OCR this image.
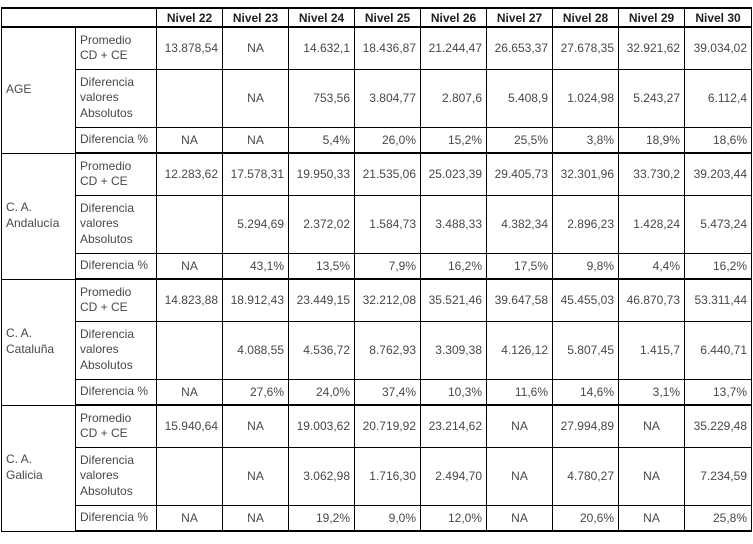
		Nivel 22	Nivel 23	Nivel 24	Nivel 25	Nivel 26	Nivel 27	Nivel 28	Nivel 29	Nivel 30
AGE	Promedio CD + CE	13.878,54	NA	14.632,1	18.436,87	21.244,47	26.653,37	27.678,35	32.921,62	39.034,02
	Diferencia valores Absolutos		NA	753,56	3.804,77	2.807,6	5.408,9	1.024,98	5.243,27	6.112,4
	Diferencia %	NA	NA	5,4%	26,0%	15,2%	25,5%	3,8%	18,9%	18,6%
C. A. Andalucía	Promedio CD + CE	12.283,62	17.578,31	19.950,33	21.535,06	25.023,39	29.405,73	32.301,96	33.730,2	39.203,44
	Diferencia valores Absolutos		5.294,69	2.372,02	1.584,73	3.488,33	4.382,34	2.896,23	1.428,24	5.473,24
	Diferencia %	NA	43,1%	13,5%	7,9%	16,2%	17,5%	9,8%	4,4%	16,2%
C. A. Cataluña	Promedio CD + CE	14.823,88	18.912,43	23.449,15	32.212,08	35.521,46	39.647,58	45.455,03	46.870,73	53.311,44
	Diferencia valores Absolutos		4.088,55	4.536,72	8.762,93	3.309,38	4.126,12	5.807,45	1.415,7	6.440,71
	Diferencia %	NA	27,6%	24,0%	37,4%	10,3%	11,6%	14,6%	3,1%	13,7%
C. A. Galicia	Promedio CD + CE	15.940,64	NA	19.003,62	20.719,92	23.214,62	NA	27.994,89	NA	35.229,48
	Diferencia valores Absolutos		NA	3.062,98	1.716,30	2.494,70	NA	4.780,27	NA	7.234,59
	Diferencia %	NA	NA	19,2%	9,0%	12,0%	NA	20,6%	NA	25,8%
